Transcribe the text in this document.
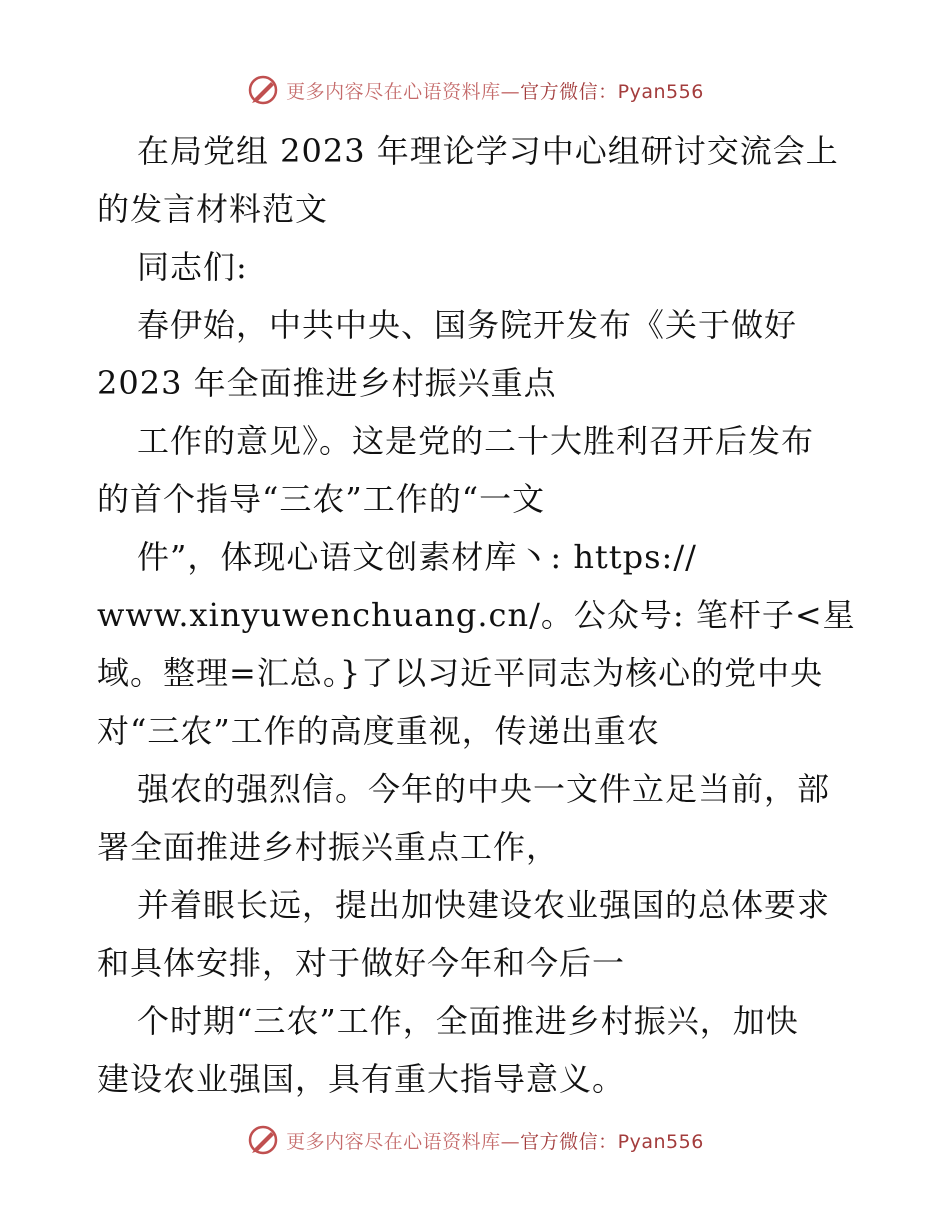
更多内容尽在心语资料库—官方微信：Pyan556
在局党组 2023 年理论学习中心组研讨交流会上
的发言材料范文
同志们:
春伊始，中共中央、国务院开发布《关于做好
2023 年全面推进乡村振兴重点
工作的意见》。这是党的二十大胜利召开后发布
的首个指导“三农”工作的“一文
件”，体现心语文创素材库丶: https://
www.xinyuwenchuang.cn/。公众号: 笔杆子<星
域。整理=汇总。}了以习近平同志为核心的党中央
对“三农”工作的高度重视，传递出重农
强农的强烈信。今年的中央一文件立足当前，部
署全面推进乡村振兴重点工作，
并着眼长远，提出加快建设农业强国的总体要求
和具体安排，对于做好今年和今后一
个时期“三农”工作，全面推进乡村振兴，加快
建设农业强国，具有重大指导意义。
更多内容尽在心语资料库—官方微信：Pyan556
